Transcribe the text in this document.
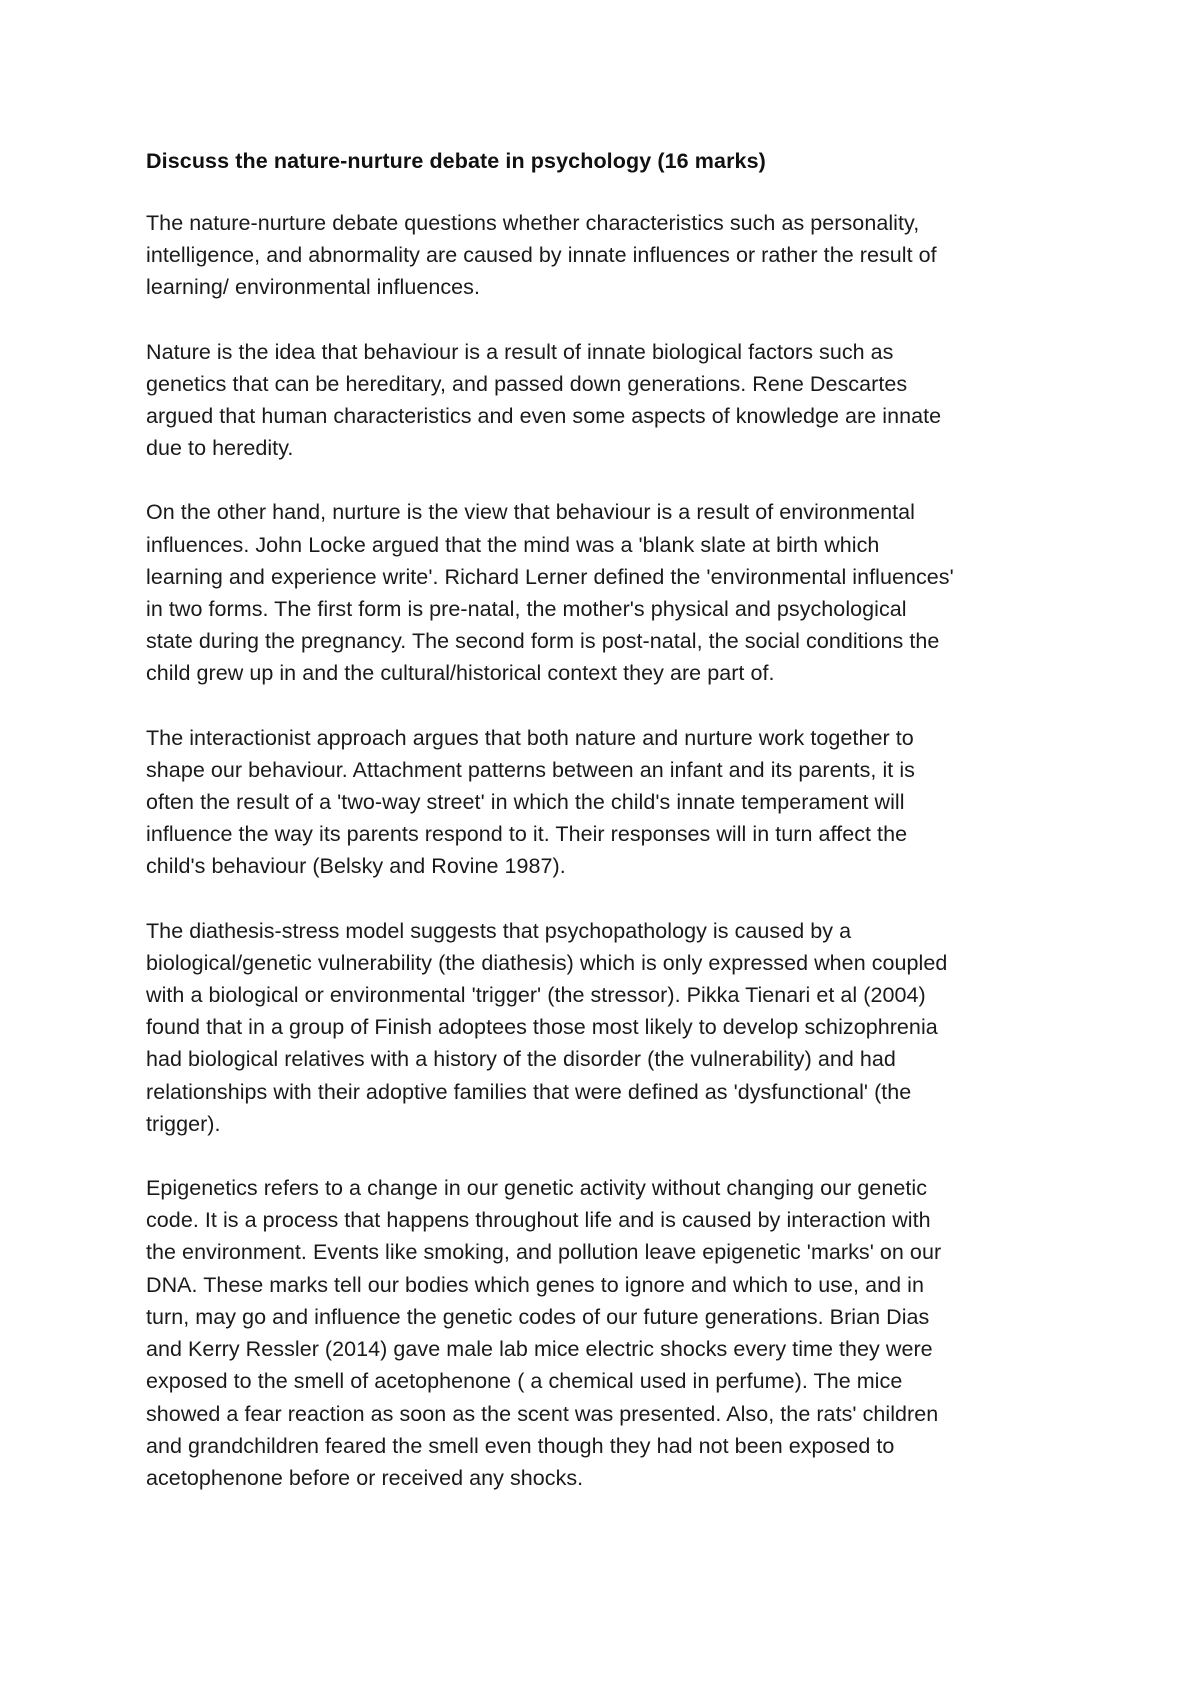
Discuss the nature-nurture debate in psychology (16 marks)

The nature-nurture debate questions whether characteristics such as personality,
intelligence, and abnormality are caused by innate influences or rather the result of
learning/ environmental influences.

Nature is the idea that behaviour is a result of innate biological factors such as
genetics that can be hereditary, and passed down generations. Rene Descartes
argued that human characteristics and even some aspects of knowledge are innate
due to heredity.

On the other hand, nurture is the view that behaviour is a result of environmental
influences. John Locke argued that the mind was a 'blank slate at birth which
learning and experience write'. Richard Lerner defined the 'environmental influences'
in two forms. The first form is pre-natal, the mother's physical and psychological
state during the pregnancy. The second form is post-natal, the social conditions the
child grew up in and the cultural/historical context they are part of.

The interactionist approach argues that both nature and nurture work together to
shape our behaviour. Attachment patterns between an infant and its parents, it is
often the result of a 'two-way street' in which the child's innate temperament will
influence the way its parents respond to it. Their responses will in turn affect the
child's behaviour (Belsky and Rovine 1987).

The diathesis-stress model suggests that psychopathology is caused by a
biological/genetic vulnerability (the diathesis) which is only expressed when coupled
with a biological or environmental 'trigger' (the stressor). Pikka Tienari et al (2004)
found that in a group of Finish adoptees those most likely to develop schizophrenia
had biological relatives with a history of the disorder (the vulnerability) and had
relationships with their adoptive families that were defined as 'dysfunctional' (the
trigger).

Epigenetics refers to a change in our genetic activity without changing our genetic
code. It is a process that happens throughout life and is caused by interaction with
the environment. Events like smoking, and pollution leave epigenetic 'marks' on our
DNA. These marks tell our bodies which genes to ignore and which to use, and in
turn, may go and influence the genetic codes of our future generations. Brian Dias
and Kerry Ressler (2014) gave male lab mice electric shocks every time they were
exposed to the smell of acetophenone ( a chemical used in perfume). The mice
showed a fear reaction as soon as the scent was presented. Also, the rats' children
and grandchildren feared the smell even though they had not been exposed to
acetophenone before or received any shocks.
